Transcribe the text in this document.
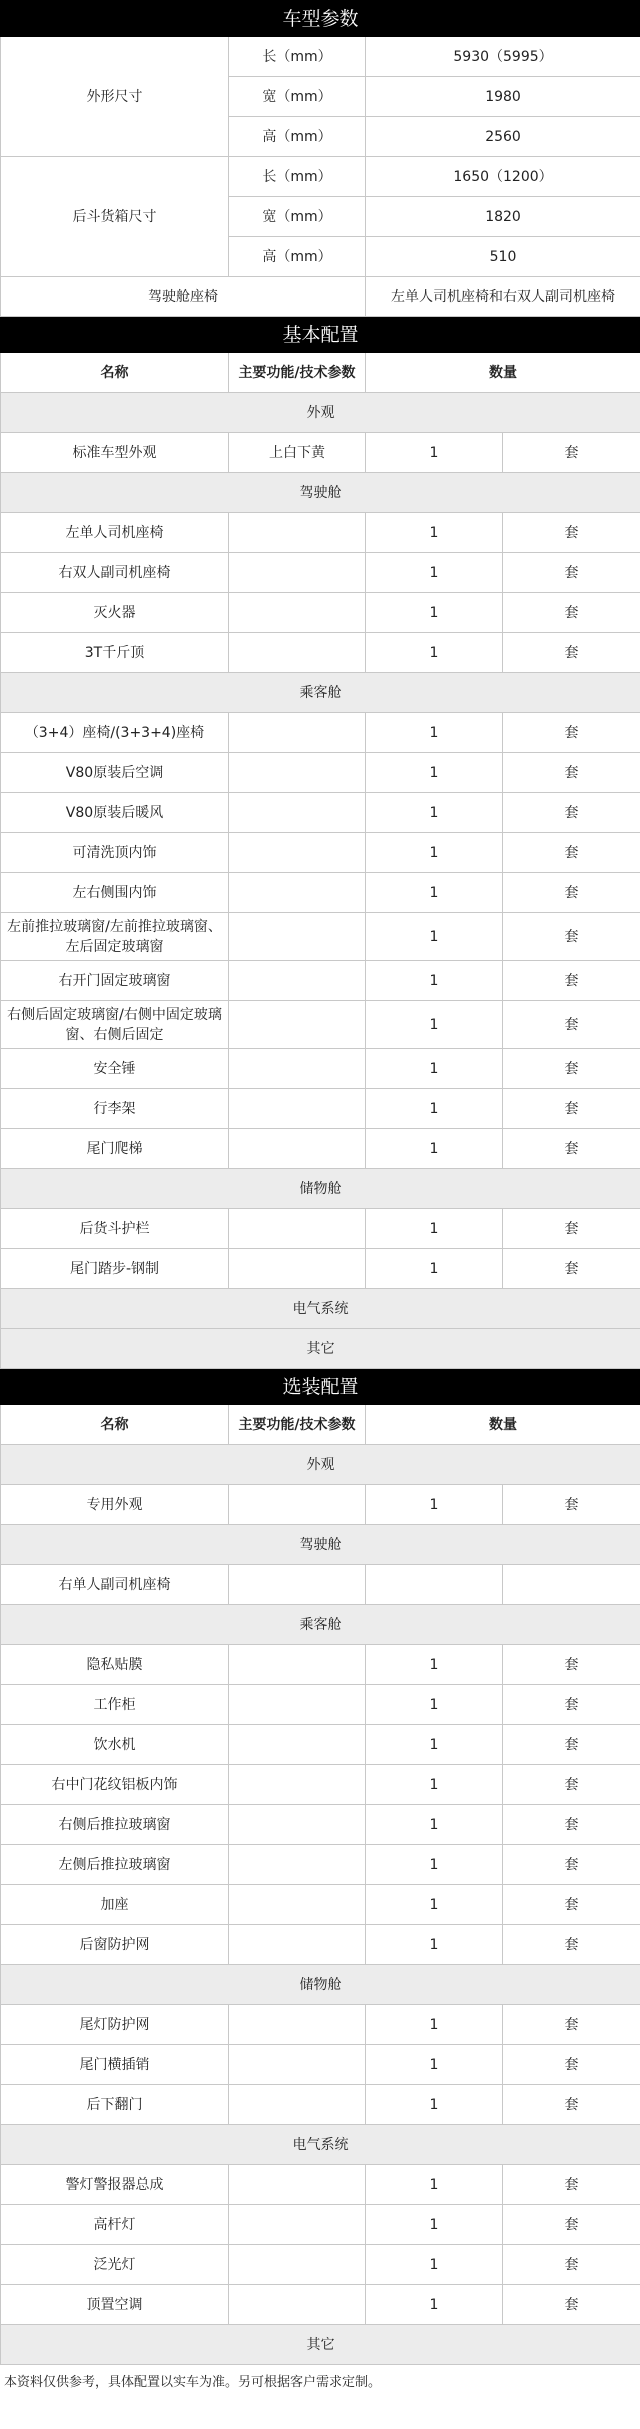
车型参数			
外形尺寸	长（mm）	5930（5995）	
	宽（mm）	1980	
	高（mm）	2560	
后斗货箱尺寸	长（mm）	1650（1200）	
	宽（mm）	1820	
	高（mm）	510	
驾驶舱座椅		左单人司机座椅和右双人副司机座椅	
基本配置			
名称	主要功能/技术参数	数量	
外观			
标准车型外观	上白下黄	1	套
驾驶舱			
左单人司机座椅		1	套
右双人副司机座椅		1	套
灭火器		1	套
3T千斤顶		1	套
乘客舱			
（3+4）座椅/(3+3+4)座椅		1	套
V80原装后空调		1	套
V80原装后暖风		1	套
可清洗顶内饰		1	套
左右侧围内饰		1	套
左前推拉玻璃窗/左前推拉玻璃窗、左后固定玻璃窗		1	套
右开门固定玻璃窗		1	套
右侧后固定玻璃窗/右侧中固定玻璃窗、右侧后固定		1	套
安全锤		1	套
行李架		1	套
尾门爬梯		1	套
储物舱			
后货斗护栏		1	套
尾门踏步-钢制		1	套
电气系统			
其它			
选装配置			
名称	主要功能/技术参数	数量	
外观			
专用外观		1	套
驾驶舱			
右单人副司机座椅			
乘客舱			
隐私贴膜		1	套
工作柜		1	套
饮水机		1	套
右中门花纹铝板内饰		1	套
右侧后推拉玻璃窗		1	套
左侧后推拉玻璃窗		1	套
加座		1	套
后窗防护网		1	套
储物舱			
尾灯防护网		1	套
尾门横插销		1	套
后下翻门		1	套
电气系统			
警灯警报器总成		1	套
高杆灯		1	套
泛光灯		1	套
顶置空调		1	套
其它			
本资料仅供参考，具体配置以实车为准。另可根据客户需求定制。
